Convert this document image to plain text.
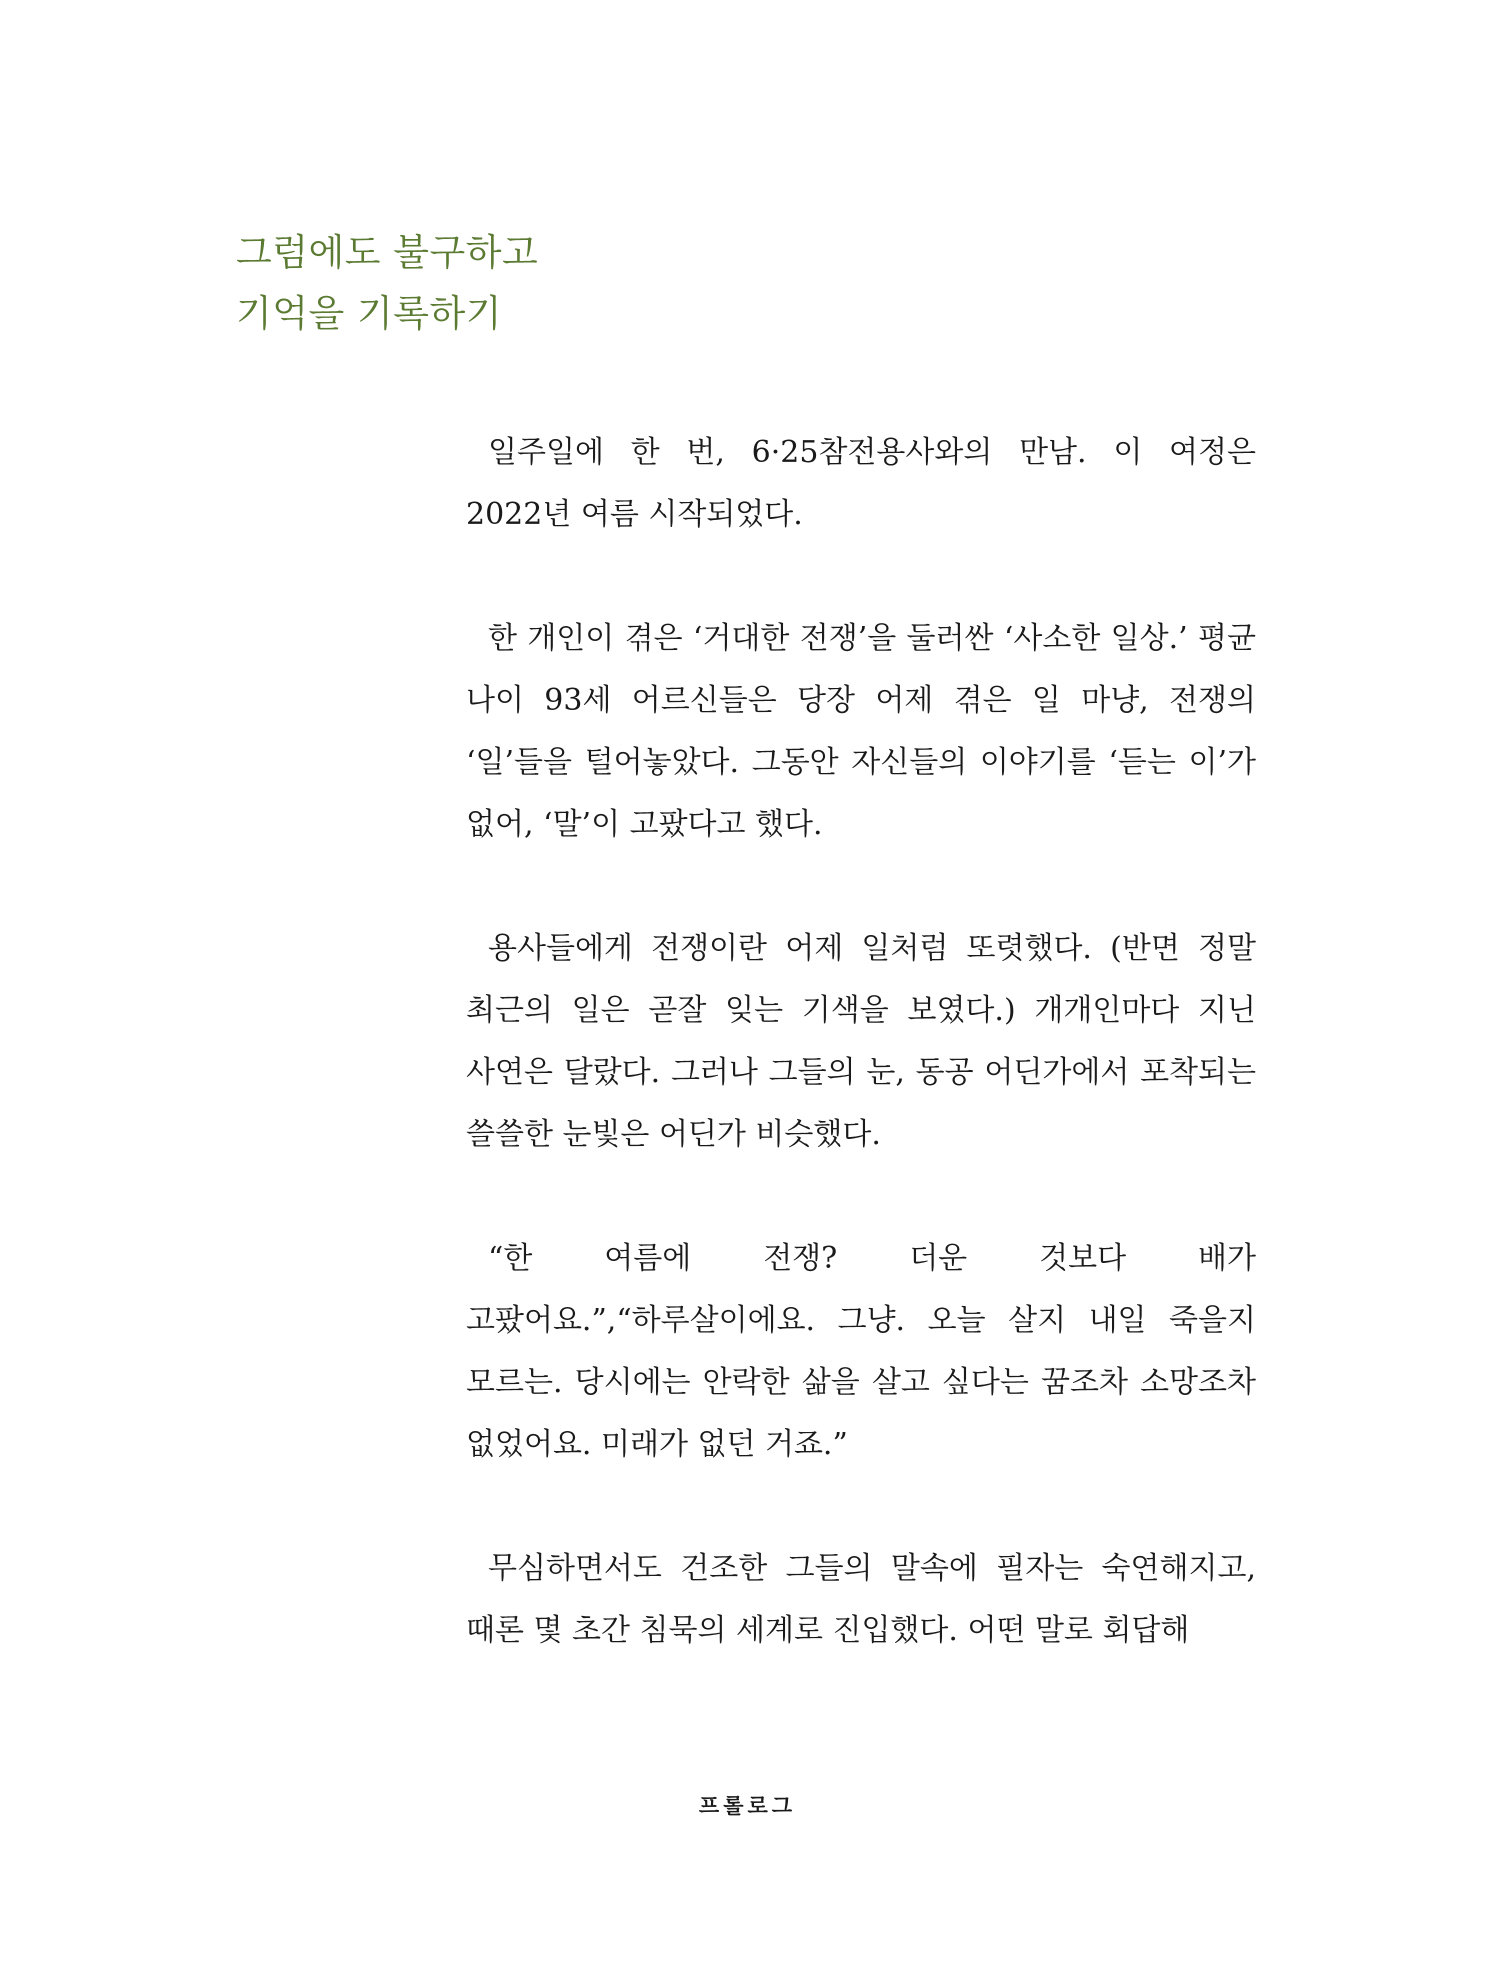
그럼에도 불구하고
기억을 기록하기

일주일에 한 번, 6·25참전용사와의 만남. 이 여정은 2022년 여름 시작되었다.

한 개인이 겪은 ‘거대한 전쟁’을 둘러싼 ‘사소한 일상.’ 평균 나이 93세 어르신들은 당장 어제 겪은 일 마냥, 전쟁의 ‘일’들을 털어놓았다. 그동안 자신들의 이야기를 ‘듣는 이’가 없어, ‘말’이 고팠다고 했다.

용사들에게 전쟁이란 어제 일처럼 또렷했다. (반면 정말 최근의 일은 곧잘 잊는 기색을 보였다.) 개개인마다 지닌 사연은 달랐다. 그러나 그들의 눈, 동공 어딘가에서 포착되는 쓸쓸한 눈빛은 어딘가 비슷했다.

“한 여름에 전쟁? 더운 것보다 배가 고팠어요.”,“하루살이에요. 그냥. 오늘 살지 내일 죽을지 모르는. 당시에는 안락한 삶을 살고 싶다는 꿈조차 소망조차 없었어요. 미래가 없던 거죠.”

무심하면서도 건조한 그들의 말속에 필자는 숙연해지고, 때론 몇 초간 침묵의 세계로 진입했다. 어떤 말로 회답해

프롤로그
